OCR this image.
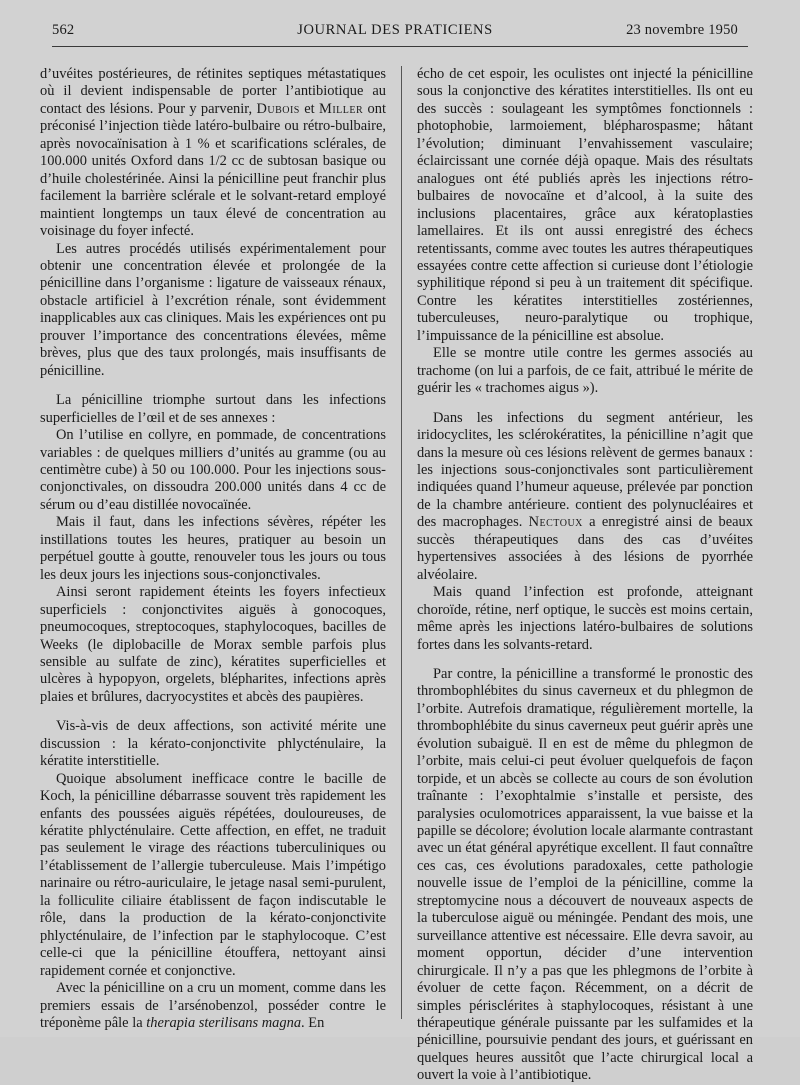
562	JOURNAL DES PRATICIENS	23 novembre 1950

d’uvéites postérieures, de rétinites septiques métastatiques où il devient indispensable de porter l’antibiotique au contact des lésions. Pour y parvenir, Dubois et Miller ont préconisé l’injection tiède latéro-bulbaire ou rétro-bulbaire, après novocaïnisation à 1 % et scarifications sclérales, de 100.000 unités Oxford dans 1/2 cc de subtosan basique ou d’huile cholestérinée. Ainsi la pénicilline peut franchir plus facilement la barrière sclérale et le solvant-retard employé maintient longtemps un taux élevé de concentration au voisinage du foyer infecté.

Les autres procédés utilisés expérimentalement pour obtenir une concentration élevée et prolongée de la pénicilline dans l’organisme : ligature de vaisseaux rénaux, obstacle artificiel à l’excrétion rénale, sont évidemment inapplicables aux cas cliniques. Mais les expériences ont pu prouver l’importance des concentrations élevées, même brèves, plus que des taux prolongés, mais insuffisants de pénicilline.

La pénicilline triomphe surtout dans les infections superficielles de l’œil et de ses annexes :

On l’utilise en collyre, en pommade, de concentrations variables : de quelques milliers d’unités au gramme (ou au centimètre cube) à 50 ou 100.000. Pour les injections sous-conjonctivales, on dissoudra 200.000 unités dans 4 cc de sérum ou d’eau distillée novocaïnée.

Mais il faut, dans les infections sévères, répéter les instillations toutes les heures, pratiquer au besoin un perpétuel goutte à goutte, renouveler tous les jours ou tous les deux jours les injections sous-conjonctivales.

Ainsi seront rapidement éteints les foyers infectieux superficiels : conjonctivites aiguës à gonocoques, pneumocoques, streptocoques, staphylocoques, bacilles de Weeks (le diplobacille de Morax semble parfois plus sensible au sulfate de zinc), kératites superficielles et ulcères à hypopyon, orgelets, blépharites, infections après plaies et brûlures, dacryocystites et abcès des paupières.

Vis-à-vis de deux affections, son activité mérite une discussion : la kérato-conjonctivite phlycténulaire, la kératite interstitielle.

Quoique absolument inefficace contre le bacille de Koch, la pénicilline débarrasse souvent très rapidement les enfants des poussées aiguës répétées, douloureuses, de kératite phlycténulaire. Cette affection, en effet, ne traduit pas seulement le virage des réactions tuberculiniques ou l’établissement de l’allergie tuberculeuse. Mais l’impétigo narinaire ou rétro-auriculaire, le jetage nasal semi-purulent, la folliculite ciliaire établissent de façon indiscutable le rôle, dans la production de la kérato-conjonctivite phlycténulaire, de l’infection par le staphylocoque. C’est celle-ci que la pénicilline étouffera, nettoyant ainsi rapidement cornée et conjonctive.

Avec la pénicilline on a cru un moment, comme dans les premiers essais de l’arsénobenzol, posséder contre le tréponème pâle la therapia sterilisans magna. En

écho de cet espoir, les oculistes ont injecté la pénicilline sous la conjonctive des kératites interstitielles. Ils ont eu des succès : soulageant les symptômes fonctionnels : photophobie, larmoiement, blépharospasme; hâtant l’évolution; diminuant l’envahissement vasculaire; éclaircissant une cornée déjà opaque. Mais des résultats analogues ont été publiés après les injections rétro-bulbaires de novocaïne et d’alcool, à la suite des inclusions placentaires, grâce aux kératoplasties lamellaires. Et ils ont aussi enregistré des échecs retentissants, comme avec toutes les autres thérapeutiques essayées contre cette affection si curieuse dont l’étiologie syphilitique répond si peu à un traitement dit spécifique. Contre les kératites interstitielles zostériennes, tuberculeuses, neuro-paralytique ou trophique, l’impuissance de la pénicilline est absolue.

Elle se montre utile contre les germes associés au trachome (on lui a parfois, de ce fait, attribué le mérite de guérir les « trachomes aigus »).

Dans les infections du segment antérieur, les iridocyclites, les sclérokératites, la pénicilline n’agit que dans la mesure où ces lésions relèvent de germes banaux : les injections sous-conjonctivales sont particulièrement indiquées quand l’humeur aqueuse, prélevée par ponction de la chambre antérieure. contient des polynucléaires et des macrophages. Nectoux a enregistré ainsi de beaux succès thérapeutiques dans des cas d’uvéites hypertensives associées à des lésions de pyorrhée alvéolaire.

Mais quand l’infection est profonde, atteignant choroïde, rétine, nerf optique, le succès est moins certain, même après les injections latéro-bulbaires de solutions fortes dans les solvants-retard.

Par contre, la pénicilline a transformé le pronostic des thrombophlébites du sinus caverneux et du phlegmon de l’orbite. Autrefois dramatique, régulièrement mortelle, la thrombophlébite du sinus caverneux peut guérir après une évolution subaiguë. Il en est de même du phlegmon de l’orbite, mais celui-ci peut évoluer quelquefois de façon torpide, et un abcès se collecte au cours de son évolution traînante : l’exophtalmie s’installe et persiste, des paralysies oculomotrices apparaissent, la vue baisse et la papille se décolore; évolution locale alarmante contrastant avec un état général apyrétique excellent. Il faut connaître ces cas, ces évolutions paradoxales, cette pathologie nouvelle issue de l’emploi de la pénicilline, comme la streptomycine nous a découvert de nouveaux aspects de la tuberculose aiguë ou méningée. Pendant des mois, une surveillance attentive est nécessaire. Elle devra savoir, au moment opportun, décider d’une intervention chirurgicale. Il n’y a pas que les phlegmons de l’orbite à évoluer de cette façon. Récemment, on a décrit de simples périsclérites à staphylocoques, résistant à une thérapeutique générale puissante par les sulfamides et la pénicilline, poursuivie pendant des jours, et guérissant en quelques heures aussitôt que l’acte chirurgical local a ouvert la voie à l’antibiotique.
